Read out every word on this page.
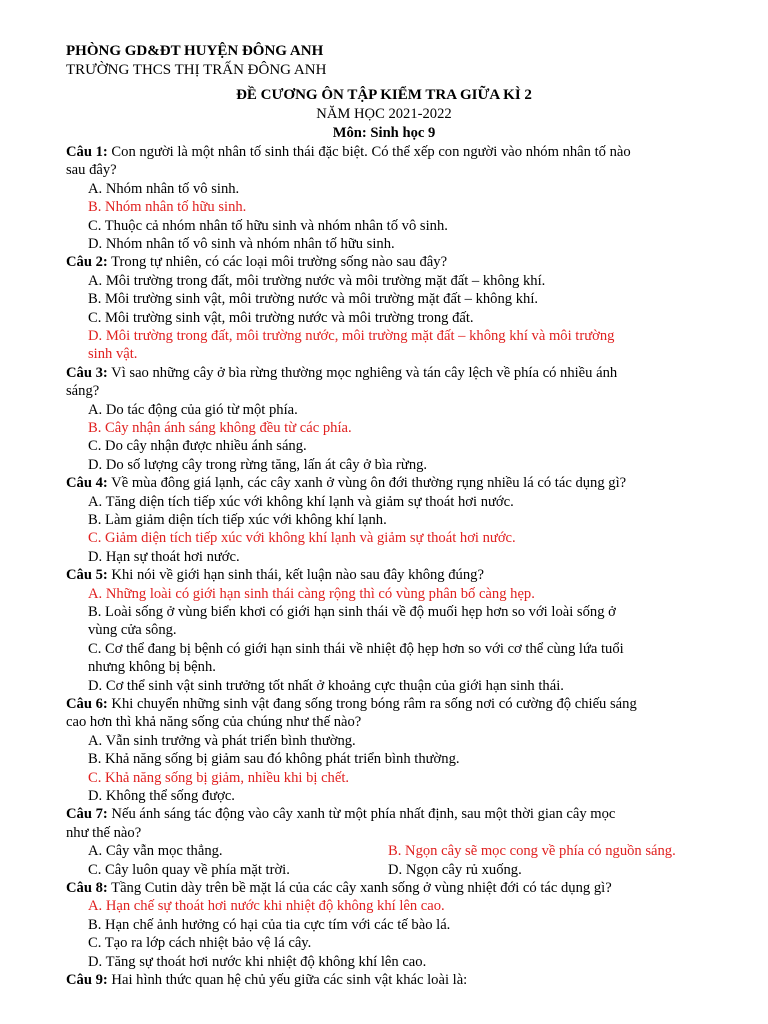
PHÒNG GD&ĐT HUYỆN ĐÔNG ANH
TRƯỜNG THCS THỊ TRẤN ĐÔNG ANH
ĐỀ CƯƠNG ÔN TẬP KIỂM TRA GIỮA KÌ 2
NĂM HỌC 2021-2022
Môn: Sinh học 9
Câu 1: Con người là một nhân tố sinh thái đặc biệt. Có thể xếp con người vào nhóm nhân tố nào
sau đây?
A. Nhóm nhân tố vô sinh.
B. Nhóm nhân tố hữu sinh.
C. Thuộc cả nhóm nhân tố hữu sinh và nhóm nhân tố vô sinh.
D. Nhóm nhân tố vô sinh và nhóm nhân tố hữu sinh.
Câu 2: Trong tự nhiên, có các loại môi trường sống nào sau đây?
A. Môi trường trong đất, môi trường nước và môi trường mặt đất – không khí.
B. Môi trường sinh vật, môi trường nước và môi trường mặt đất – không khí.
C. Môi trường sinh vật, môi trường nước và môi trường trong đất.
D. Môi trường trong đất, môi trường nước, môi trường mặt đất – không khí và môi trường
sinh vật.
Câu 3: Vì sao những cây ở bìa rừng thường mọc nghiêng và tán cây lệch về phía có nhiều ánh
sáng?
A. Do tác động của gió từ một phía.
B. Cây nhận ánh sáng không đều từ các phía.
C. Do cây nhận được nhiều ánh sáng.
D. Do số lượng cây trong rừng tăng, lấn át cây ở bìa rừng.
Câu 4: Về mùa đông giá lạnh, các cây xanh ở vùng ôn đới thường rụng nhiều lá có tác dụng gì?
A. Tăng diện tích tiếp xúc với không khí lạnh và giảm sự thoát hơi nước.
B. Làm giảm diện tích tiếp xúc với không khí lạnh.
C. Giảm diện tích tiếp xúc với không khí lạnh và giảm sự thoát hơi nước.
D. Hạn sự thoát hơi nước.
Câu 5: Khi nói về giới hạn sinh thái, kết luận nào sau đây không đúng?
A. Những loài có giới hạn sinh thái càng rộng thì có vùng phân bố càng hẹp.
B. Loài sống ở vùng biển khơi có giới hạn sinh thái về độ muối hẹp hơn so với loài sống ở
vùng cửa sông.
C. Cơ thể đang bị bệnh có giới hạn sinh thái về nhiệt độ hẹp hơn so với cơ thể cùng lứa tuổi
nhưng không bị bệnh.
D. Cơ thể sinh vật sinh trưởng tốt nhất ở khoảng cực thuận của giới hạn sinh thái.
Câu 6: Khi chuyển những sinh vật đang sống trong bóng râm ra sống nơi có cường độ chiếu sáng
cao hơn thì khả năng sống của chúng như thế nào?
A. Vẫn sinh trưởng và phát triển bình thường.
B. Khả năng sống bị giảm sau đó không phát triển bình thường.
C. Khả năng sống bị giảm, nhiều khi bị chết.
D. Không thể sống được.
Câu 7: Nếu ánh sáng tác động vào cây xanh từ một phía nhất định, sau một thời gian cây mọc
như thế nào?
A. Cây vẫn mọc thẳng.	B. Ngọn cây sẽ mọc cong về phía có nguồn sáng.
C. Cây luôn quay về phía mặt trời.	D. Ngọn cây rủ xuống.
Câu 8: Tầng Cutin dày trên bề mặt lá của các cây xanh sống ở vùng nhiệt đới có tác dụng gì?
A. Hạn chế sự thoát hơi nước khi nhiệt độ không khí lên cao.
B. Hạn chế ảnh hưởng có hại của tia cực tím với các tế bào lá.
C. Tạo ra lớp cách nhiệt bảo vệ lá cây.
D. Tăng sự thoát hơi nước khi nhiệt độ không khí lên cao.
Câu 9: Hai hình thức quan hệ chủ yếu giữa các sinh vật khác loài là:
